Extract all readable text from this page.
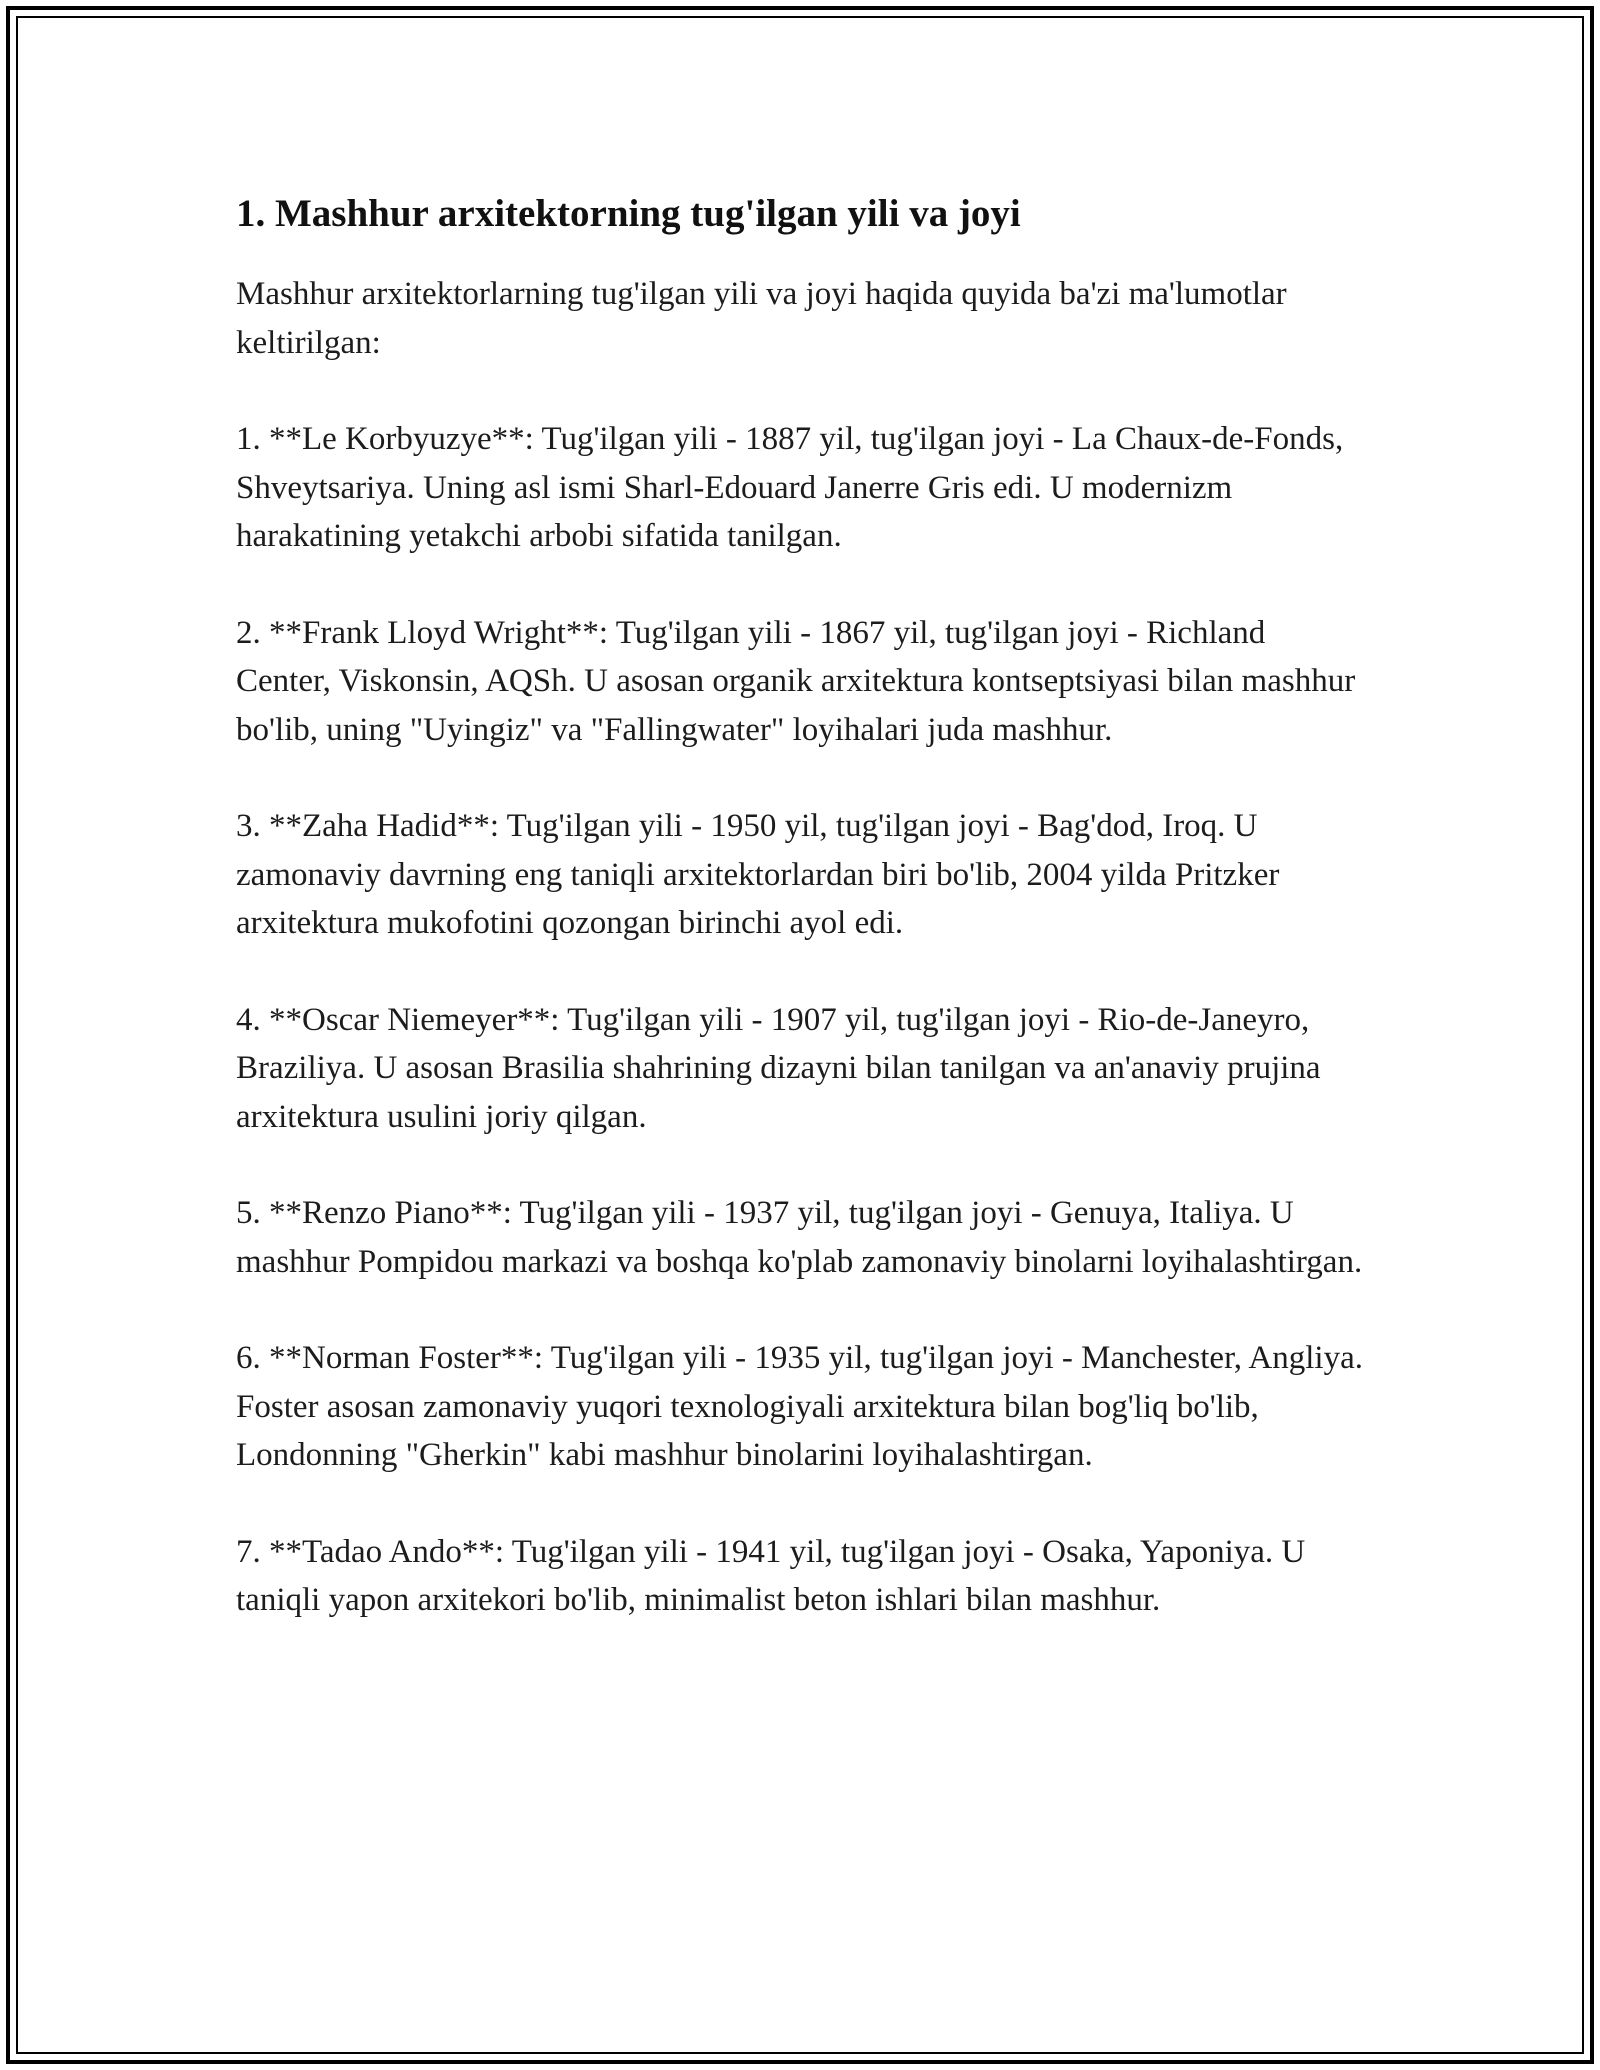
1. Mashhur arxitektorning tug'ilgan yili va joyi

Mashhur arxitektorlarning tug'ilgan yili va joyi haqida quyida ba'zi ma'lumotlar keltirilgan:

1. **Le Korbyuzye**: Tug'ilgan yili - 1887 yil, tug'ilgan joyi - La Chaux-de-Fonds, Shveytsariya. Uning asl ismi Sharl-Edouard Janerre Gris edi. U modernizm harakatining yetakchi arbobi sifatida tanilgan.

2. **Frank Lloyd Wright**: Tug'ilgan yili - 1867 yil, tug'ilgan joyi - Richland Center, Viskonsin, AQSh. U asosan organik arxitektura kontseptsiyasi bilan mashhur bo'lib, uning "Uyingiz" va "Fallingwater" loyihalari juda mashhur.

3. **Zaha Hadid**: Tug'ilgan yili - 1950 yil, tug'ilgan joyi - Bag'dod, Iroq. U zamonaviy davrning eng taniqli arxitektorlardan biri bo'lib, 2004 yilda Pritzker arxitektura mukofotini qozongan birinchi ayol edi.

4. **Oscar Niemeyer**: Tug'ilgan yili - 1907 yil, tug'ilgan joyi - Rio-de-Janeyro, Braziliya. U asosan Brasilia shahrining dizayni bilan tanilgan va an'anaviy prujina arxitektura usulini joriy qilgan.

5. **Renzo Piano**: Tug'ilgan yili - 1937 yil, tug'ilgan joyi - Genuya, Italiya. U mashhur Pompidou markazi va boshqa ko'plab zamonaviy binolarni loyihalashtirgan.

6. **Norman Foster**: Tug'ilgan yili - 1935 yil, tug'ilgan joyi - Manchester, Angliya. Foster asosan zamonaviy yuqori texnologiyali arxitektura bilan bog'liq bo'lib, Londonning "Gherkin" kabi mashhur binolarini loyihalashtirgan.

7. **Tadao Ando**: Tug'ilgan yili - 1941 yil, tug'ilgan joyi - Osaka, Yaponiya. U taniqli yapon arxitekori bo'lib, minimalist beton ishlari bilan mashhur.
